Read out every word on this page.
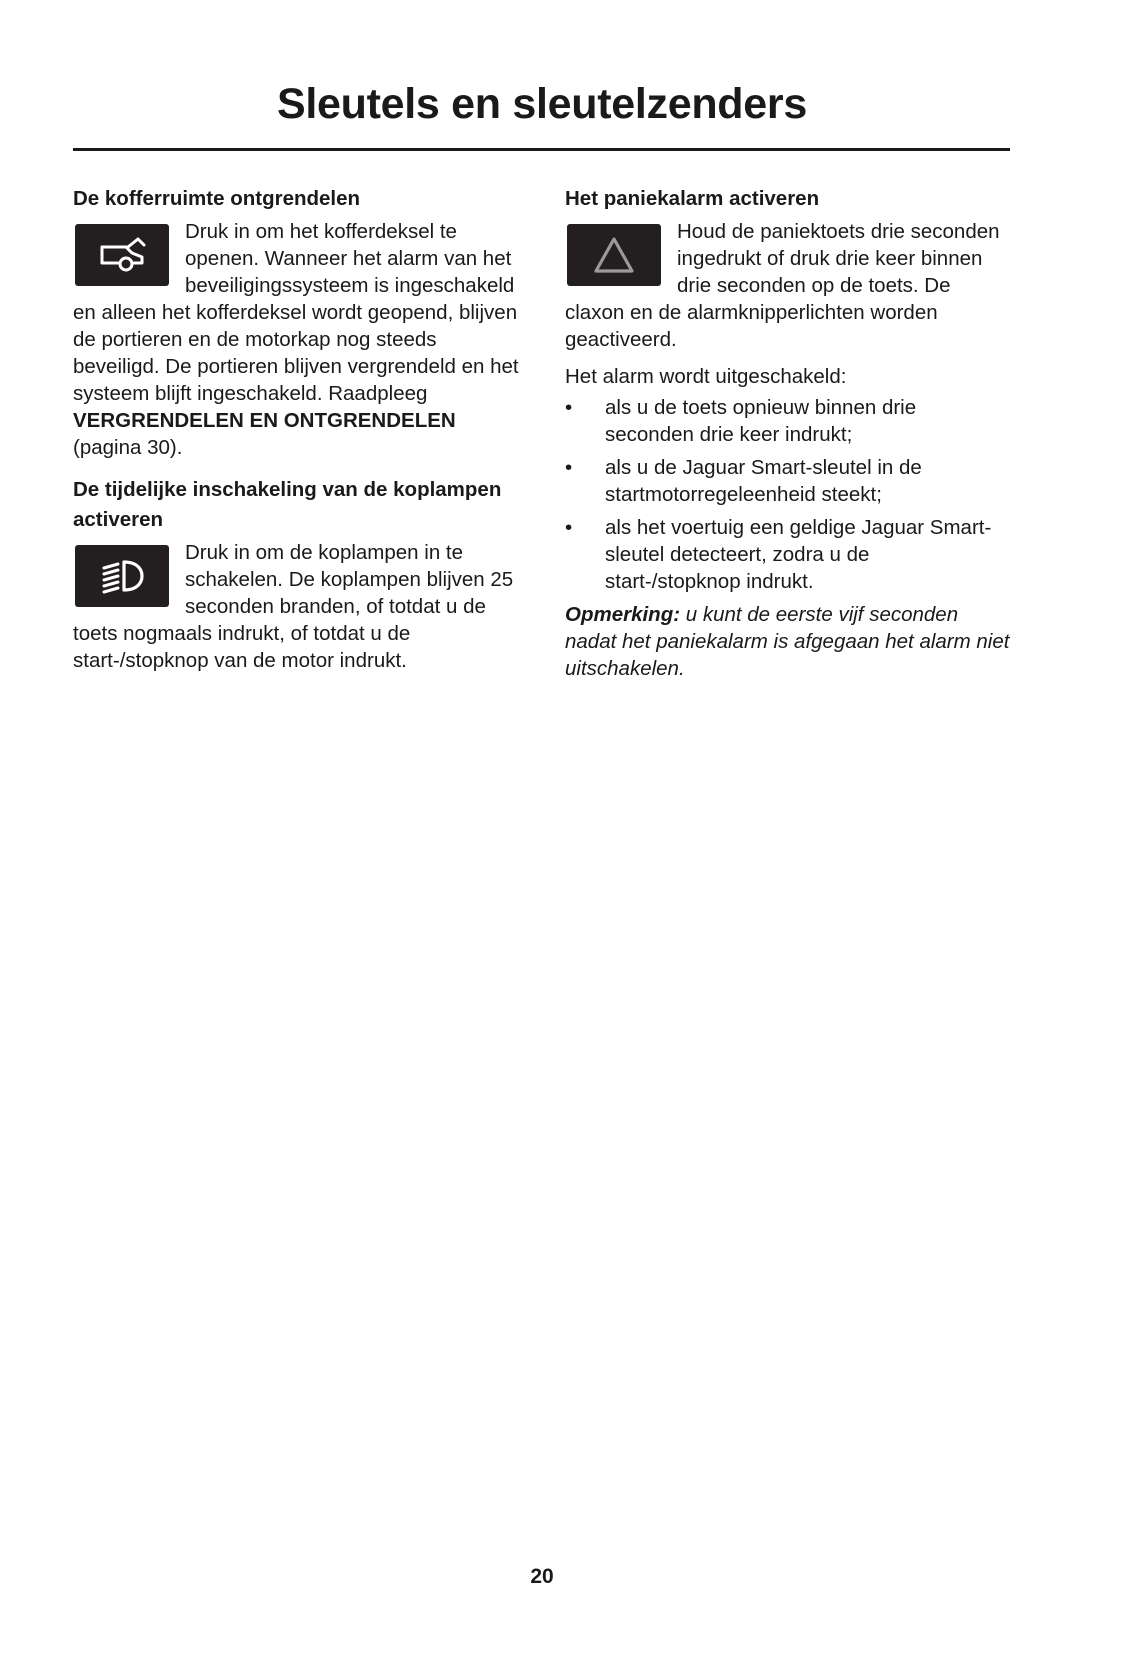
Sleutels en sleutelzenders
De kofferruimte ontgrendelen

Druk in om het kofferdeksel te openen. Wanneer het alarm van het beveiligingssysteem is ingeschakeld en alleen het kofferdeksel wordt geopend, blijven de portieren en de motorkap nog steeds beveiligd. De portieren blijven vergrendeld en het systeem blijft ingeschakeld. Raadpleeg VERGRENDELEN EN ONTGRENDELEN (pagina 30).

De tijdelijke inschakeling van de koplampen activeren

Druk in om de koplampen in te schakelen. De koplampen blijven 25 seconden branden, of totdat u de toets nogmaals indrukt, of totdat u de start-/stopknop van de motor indrukt.

Het paniekalarm activeren

Houd de paniektoets drie seconden ingedrukt of druk drie keer binnen drie seconden op de toets. De claxon en de alarmknipperlichten worden geactiveerd.

Het alarm wordt uitgeschakeld:

• als u de toets opnieuw binnen drie seconden drie keer indrukt;
• als u de Jaguar Smart-sleutel in de startmotorregeleenheid steekt;
• als het voertuig een geldige Jaguar Smart-sleutel detecteert, zodra u de start-/stopknop indrukt.

Opmerking: u kunt de eerste vijf seconden nadat het paniekalarm is afgegaan het alarm niet uitschakelen.

20
